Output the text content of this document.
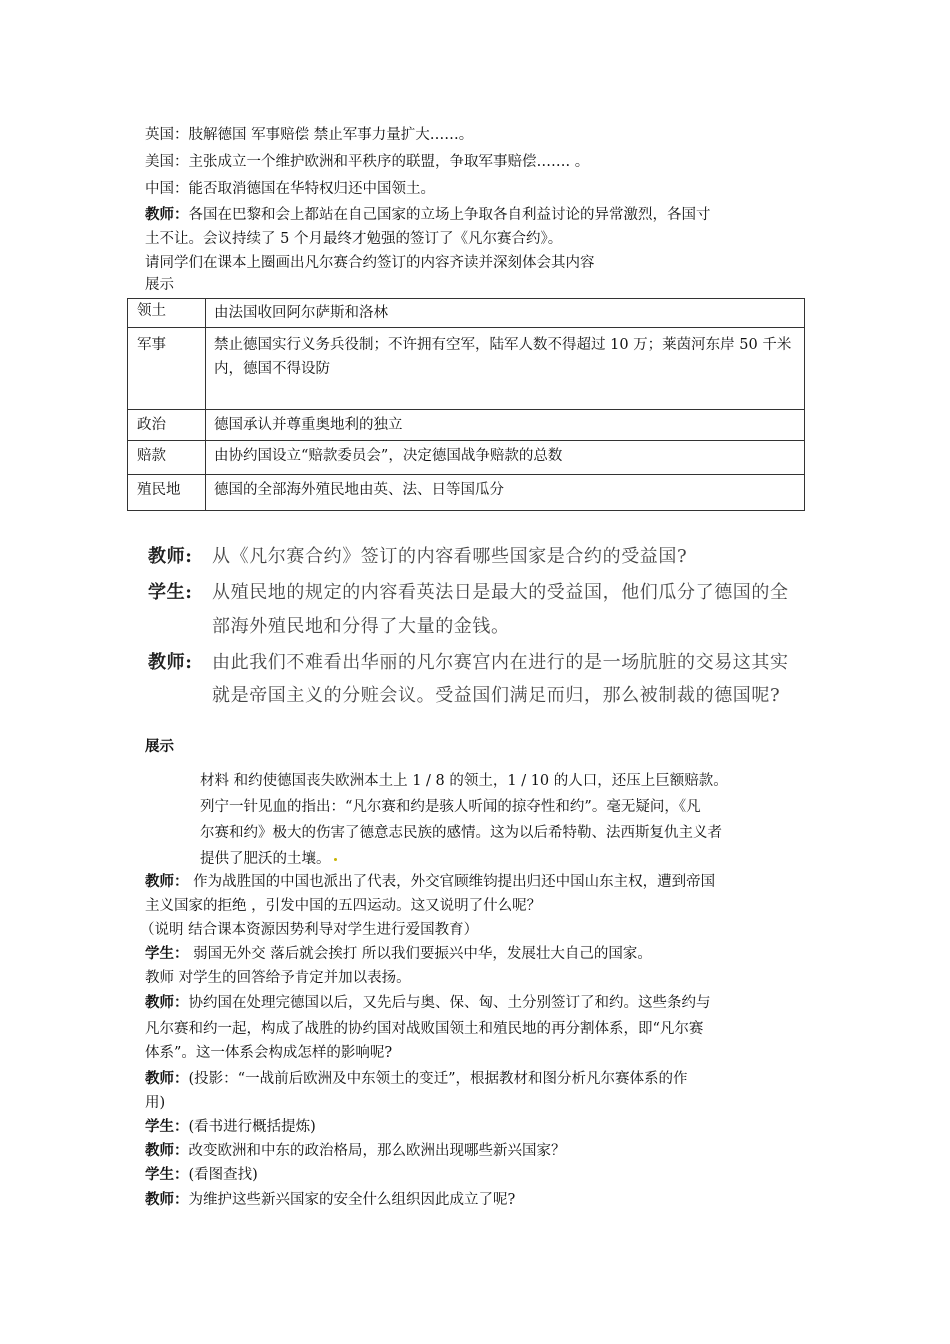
英国：肢解德国 军事赔偿 禁止军事力量扩大……。
美国：主张成立一个维护欧洲和平秩序的联盟，争取军事赔偿……. 。
中国：能否取消德国在华特权归还中国领土。
教师：各国在巴黎和会上都站在自己国家的立场上争取各自利益讨论的异常激烈，各国寸
土不让。会议持续了 5 个月最终才勉强的签订了《凡尔赛合约》。
请同学们在课本上圈画出凡尔赛合约签订的内容齐读并深刻体会其内容
展示
领土	由法国收回阿尔萨斯和洛林
军事	禁止德国实行义务兵役制；不许拥有空军，陆军人数不得超过 10 万；莱茵河东岸 50 千米内，德国不得设防
政治	德国承认并尊重奥地利的独立
赔款	由协约国设立“赔款委员会”，决定德国战争赔款的总数
殖民地	德国的全部海外殖民地由英、法、日等国瓜分
教师: 从《凡尔赛合约》签订的内容看哪些国家是合约的受益国?
学生: 从殖民地的规定的内容看英法日是最大的受益国，他们瓜分了德国的全
部海外殖民地和分得了大量的金钱。
教师: 由此我们不难看出华丽的凡尔赛宫内在进行的是一场肮脏的交易这其实
就是帝国主义的分赃会议。受益国们满足而归，那么被制裁的德国呢?
展示
材料 和约使德国丧失欧洲本土上 1 / 8 的领土，1 / 10 的人口，还压上巨额赔款。
列宁一针见血的指出：“凡尔赛和约是骇人听闻的掠夺性和约”。毫无疑问，《凡
尔赛和约》极大的伤害了德意志民族的感情。这为以后希特勒、法西斯复仇主义者
提供了肥沃的土壤。
教师： 作为战胜国的中国也派出了代表，外交官顾维钧提出归还中国山东主权，遭到帝国
主义国家的拒绝 ，引发中国的五四运动。这又说明了什么呢？
（说明 结合课本资源因势利导对学生进行爱国教育）
学生： 弱国无外交 落后就会挨打 所以我们要振兴中华，发展壮大自己的国家。
教师 对学生的回答给予肯定并加以表扬。
教师：协约国在处理完德国以后，又先后与奥、保、匈、土分别签订了和约。这些条约与
凡尔赛和约一起，构成了战胜的协约国对战败国领土和殖民地的再分割体系，即“凡尔赛
体系”。这一体系会构成怎样的影响呢?
教师：(投影：“一战前后欧洲及中东领土的变迁”，根据教材和图分析凡尔赛体系的作
用)
学生：(看书进行概括提炼)
教师：改变欧洲和中东的政治格局，那么欧洲出现哪些新兴国家？
学生：(看图查找)
教师：为维护这些新兴国家的安全什么组织因此成立了呢?
